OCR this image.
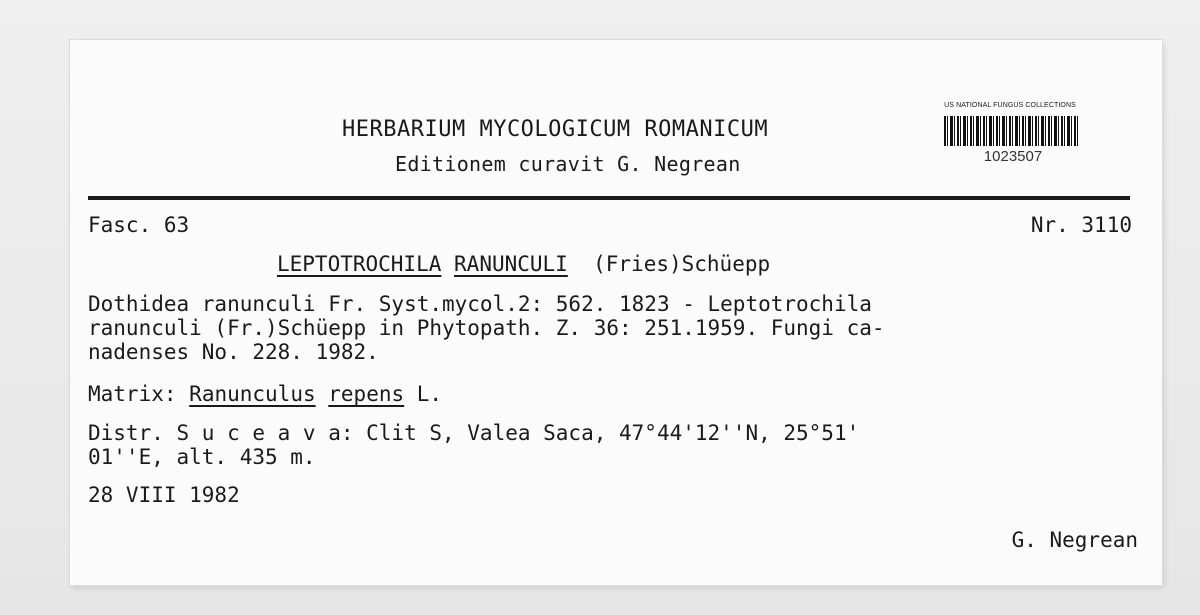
HERBARIUM MYCOLOGICUM ROMANICUM
Editionem curavit G. Negrean
US NATIONAL FUNGUS COLLECTIONS
1023507
Fasc. 63	Nr. 3110
LEPTOTROCHILA RANUNCULI (Fries)Schüepp
Dothidea ranunculi Fr. Syst.mycol.2: 562. 1823 - Leptotrochila
ranunculi (Fr.)Schüepp in Phytopath. Z. 36: 251.1959. Fungi ca-
nadenses No. 228. 1982.
Matrix: Ranunculus repens L.
Distr. S u c e a v a: Clit S, Valea Saca, 47°44'12''N, 25°51'
01''E, alt. 435 m.
28 VIII 1982
G. Negrean
